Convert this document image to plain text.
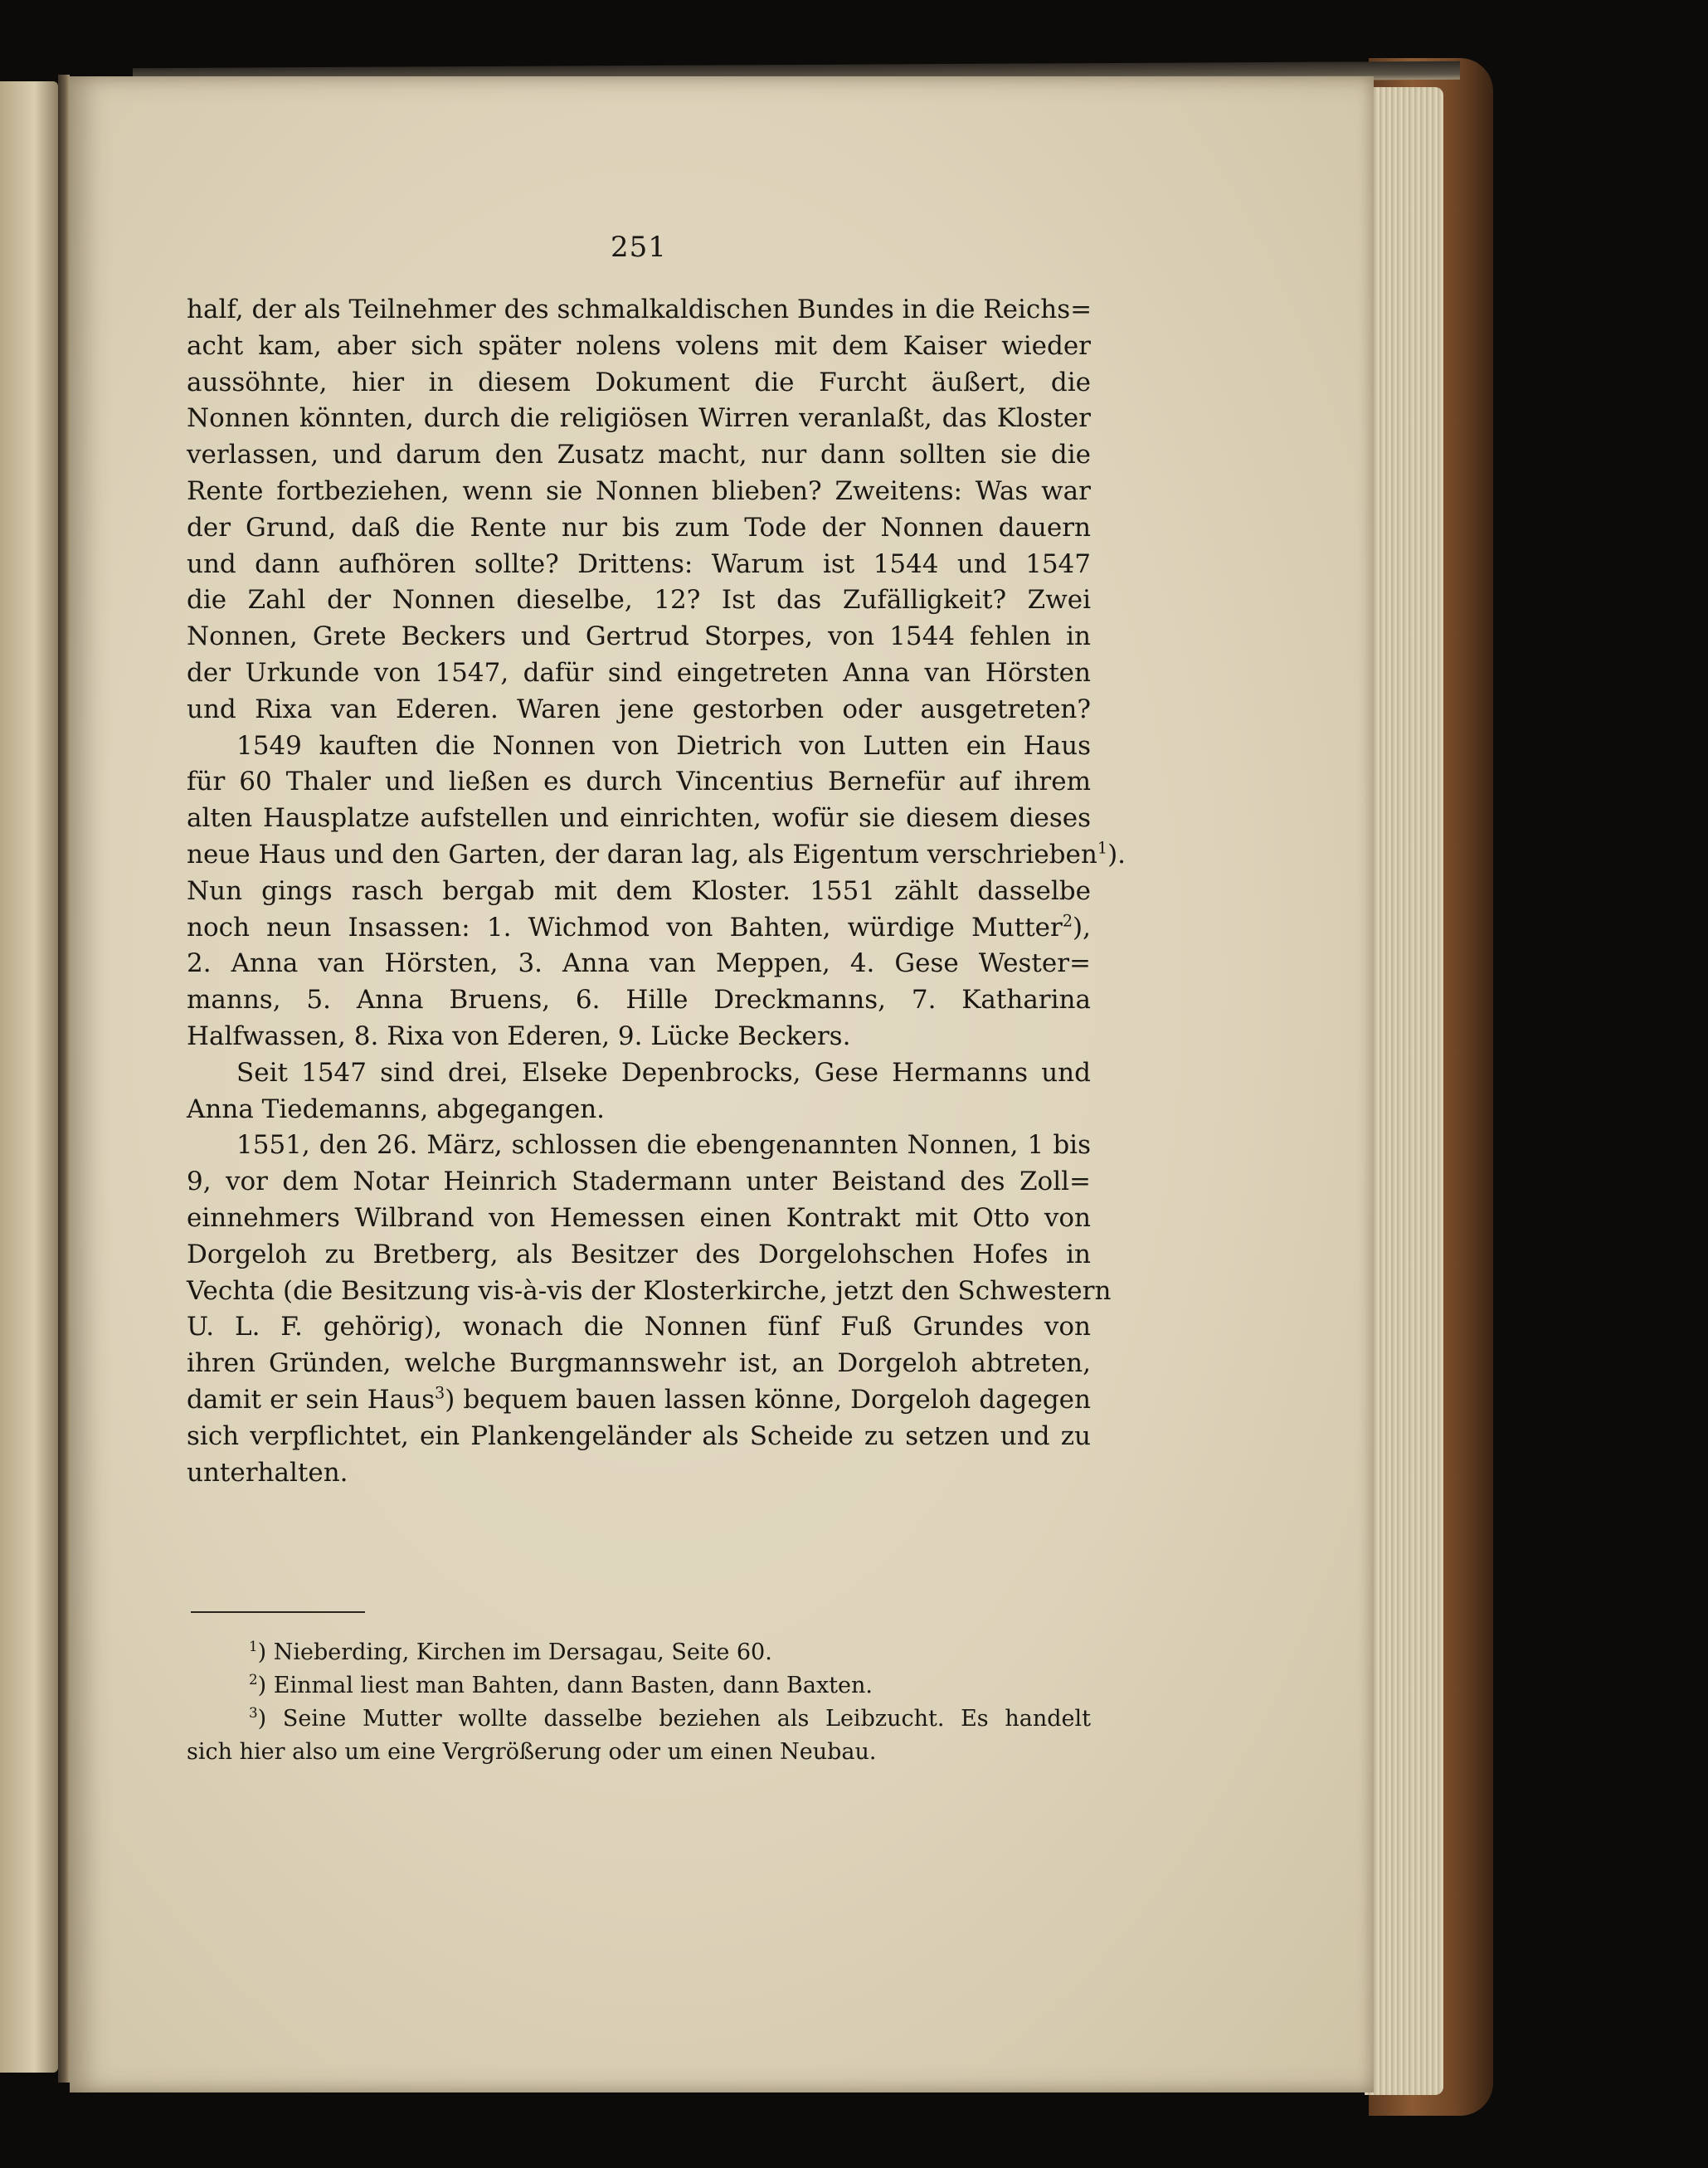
251
half, der als Teilnehmer des schmalkaldischen Bundes in die Reichs=
acht kam, aber sich später nolens volens mit dem Kaiser wieder
aussöhnte, hier in diesem Dokument die Furcht äußert, die
Nonnen könnten, durch die religiösen Wirren veranlaßt, das Kloster
verlassen, und darum den Zusatz macht, nur dann sollten sie die
Rente fortbeziehen, wenn sie Nonnen blieben? Zweitens: Was war
der Grund, daß die Rente nur bis zum Tode der Nonnen dauern
und dann aufhören sollte? Drittens: Warum ist 1544 und 1547
die Zahl der Nonnen dieselbe, 12? Ist das Zufälligkeit? Zwei
Nonnen, Grete Beckers und Gertrud Storpes, von 1544 fehlen in
der Urkunde von 1547, dafür sind eingetreten Anna van Hörsten
und Rixa van Ederen. Waren jene gestorben oder ausgetreten?
1549 kauften die Nonnen von Dietrich von Lutten ein Haus
für 60 Thaler und ließen es durch Vincentius Bernefür auf ihrem
alten Hausplatze aufstellen und einrichten, wofür sie diesem dieses
neue Haus und den Garten, der daran lag, als Eigentum verschrieben$^1$).
Nun gings rasch bergab mit dem Kloster. 1551 zählt dasselbe
noch neun Insassen: 1. Wichmod von Bahten, würdige Mutter$^2$),
2. Anna van Hörsten, 3. Anna van Meppen, 4. Gese Wester=
manns, 5. Anna Bruens, 6. Hille Dreckmanns, 7. Katharina
Halfwassen, 8. Rixa von Ederen, 9. Lücke Beckers.
Seit 1547 sind drei, Elseke Depenbrocks, Gese Hermanns und
Anna Tiedemanns, abgegangen.
1551, den 26. März, schlossen die ebengenannten Nonnen, 1 bis
9, vor dem Notar Heinrich Stadermann unter Beistand des Zoll=
einnehmers Wilbrand von Hemessen einen Kontrakt mit Otto von
Dorgeloh zu Bretberg, als Besitzer des Dorgelohschen Hofes in
Vechta (die Besitzung vis-à-vis der Klosterkirche, jetzt den Schwestern
U. L. F. gehörig), wonach die Nonnen fünf Fuß Grundes von
ihren Gründen, welche Burgmannswehr ist, an Dorgeloh abtreten,
damit er sein Haus$^3$) bequem bauen lassen könne, Dorgeloh dagegen
sich verpflichtet, ein Plankengeländer als Scheide zu setzen und zu
unterhalten.
$^1$) Nieberding, Kirchen im Dersagau, Seite 60.
$^2$) Einmal liest man Bahten, dann Basten, dann Baxten.
$^3$) Seine Mutter wollte dasselbe beziehen als Leibzucht. Es handelt
sich hier also um eine Vergrößerung oder um einen Neubau.
